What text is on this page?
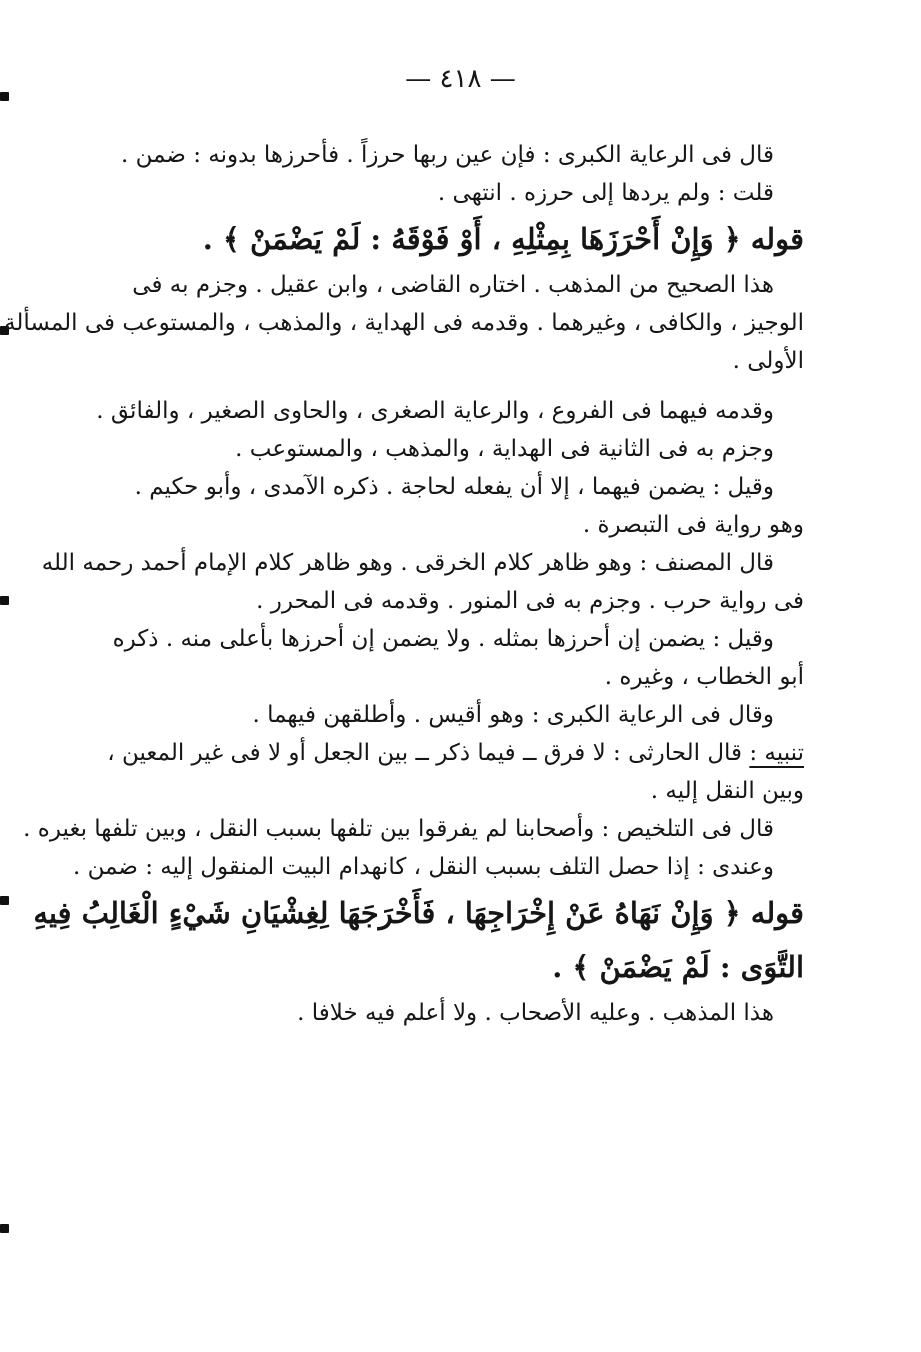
— ٤١٨ —
قال فى الرعاية الكبرى : فإن عين ربها حرزاً . فأحرزها بدونه : ضمن .
قلت : ولم يردها إلى حرزه . انتهى .
قوله ﴿ وَإِنْ أَحْرَزَهَا بِمِثْلِهِ ، أَوْ فَوْقَهُ : لَمْ يَضْمَنْ ﴾ .
هذا الصحيح من المذهب . اختاره القاضى ، وابن عقيل . وجزم به فى
الوجيز ، والكافى ، وغيرهما . وقدمه فى الهداية ، والمذهب ، والمستوعب فى المسألة
الأولى .
وقدمه فيهما فى الفروع ، والرعاية الصغرى ، والحاوى الصغير ، والفائق .
وجزم به فى الثانية فى الهداية ، والمذهب ، والمستوعب .
وقيل : يضمن فيهما ، إلا أن يفعله لحاجة . ذكره الآمدى ، وأبو حكيم .
وهو رواية فى التبصرة .
قال المصنف : وهو ظاهر كلام الخرقى . وهو ظاهر كلام الإمام أحمد رحمه الله
فى رواية حرب . وجزم به فى المنور . وقدمه فى المحرر .
وقيل : يضمن إن أحرزها بمثله . ولا يضمن إن أحرزها بأعلى منه . ذكره
أبو الخطاب ، وغيره .
وقال فى الرعاية الكبرى : وهو أقيس . وأطلقهن فيهما .
تنبيه : قال الحارثى : لا فرق ــ فيما ذكر ــ بين الجعل أو لا فى غير المعين ،
وبين النقل إليه .
قال فى التلخيص : وأصحابنا لم يفرقوا بين تلفها بسبب النقل ، وبين تلفها بغيره .
وعندى : إذا حصل التلف بسبب النقل ، كانهدام البيت المنقول إليه : ضمن .
قوله ﴿ وَإِنْ نَهَاهُ عَنْ إِخْرَاجِهَا ، فَأَخْرَجَهَا لِغِشْيَانِ شَيْءٍ الْغَالِبُ فِيهِ
التَّوَى : لَمْ يَضْمَنْ ﴾ .
هذا المذهب . وعليه الأصحاب . ولا أعلم فيه خلافا .
